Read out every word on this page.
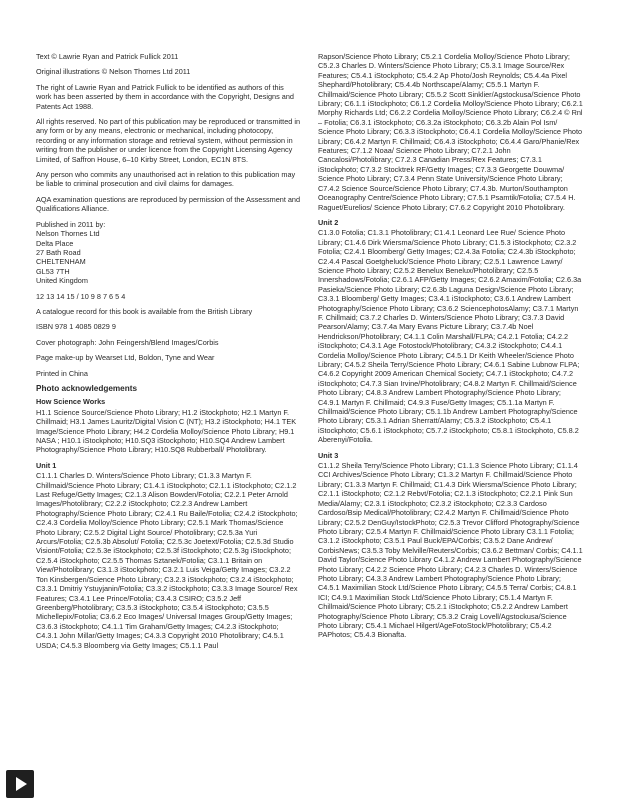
Text © Lawrie Ryan and Patrick Fullick 2011

Original illustrations © Nelson Thornes Ltd 2011

The right of Lawrie Ryan and Patrick Fullick to be identified as authors of this work has been asserted by them in accordance with the Copyright, Designs and Patents Act 1988.

All rights reserved. No part of this publication may be reproduced or transmitted in any form or by any means, electronic or mechanical, including photocopy, recording or any information storage and retrieval system, without permission in writing from the publisher or under licence from the Copyright Licensing Agency Limited, of Saffron House, 6–10 Kirby Street, London, EC1N 8TS.

Any person who commits any unauthorised act in relation to this publication may be liable to criminal prosecution and civil claims for damages.

AQA examination questions are reproduced by permission of the Assessment and Qualifications Alliance.

Published in 2011 by:
Nelson Thornes Ltd
Delta Place
27 Bath Road
CHELTENHAM
GL53 7TH
United Kingdom

12 13 14 15 / 10 9 8 7 6 5 4

A catalogue record for this book is available from the British Library

ISBN 978 1 4085 0829 9

Cover photograph: John Feingersh/Blend Images/Corbis

Page make-up by Wearset Ltd, Boldon, Tyne and Wear

Printed in China

Photo acknowledgements
How Science Works

H1.1 Science Source/Science Photo Library; H1.2 iStockphoto; H2.1 Martyn F. Chillmaid; H3.1 James Lauritz/Digital Vision C (NT); H3.2 iStockphoto; H4.1 TEK Image/Science Photo Library; H4.2 Cordelia Molloy/Science Photo Library; H9.1 NASA ; H10.1 iStockphoto; H10.SQ3 iStockphoto; H10.SQ4 Andrew Lambert Photography/Science Photo Library; H10.SQ8 Rubberball/ Photolibrary.

Unit 1

C1.1.1 Charles D. Winters/Science Photo Library; C1.3.3 Martyn F. Chillmaid/Science Photo Library; C1.4.1 iStockphoto; C2.1.1 iStockphoto; C2.1.2 Last Refuge/Getty Images; C2.1.3 Alison Bowden/Fotolia; C2.2.1 Peter Arnold Images/Photolibrary; C2.2.2 iStockphoto; C2.2.3 Andrew Lambert Photography/Science Photo Library; C2.4.1 Ru Baile/Fotolia; C2.4.2 iStockphoto; C2.4.3 Cordelia Molloy/Science Photo Library; C2.5.1 Mark Thomas/Science Photo Library; C2.5.2 Digital Light Source/ Photolibrary; C2.5.3a Yuri Arcurs/Fotolia; C2.5.3b Absolut/ Fotolia; C2.5.3c Joetext/Fotolia; C2.5.3d Studio Visiont/Fotolia; C2.5.3e iStockphoto; C2.5.3f iStockphoto; C2.5.3g iStockphoto; C2.5.4 iStockphoto; C2.5.5 Thomas Sztanek/Fotolia; C3.1.1 Britain on View/Photolibrary; C3.1.3 iStockphoto; C3.2.1 Luis Veiga/Getty Images; C3.2.2 Ton Kinsbergen/Science Photo Library; C3.2.3 iStockphoto; C3.2.4 iStockphoto; C3.3.1 Dmitriy Ystuyjanin/Fotolia; C3.3.2 iStockphoto; C3.3.3 Image Source/ Rex Features; C3.4.1 Lee Prince/Fotolia; C3.4.3 CSIRO; C3.5.2 Jeff Greenberg/Photolibrary; C3.5.3 iStockphoto; C3.5.4 iStockphoto; C3.5.5 Michellepix/Fotolia; C3.6.2 Eco Images/ Universal Images Group/Getty Images; C3.6.3 iStockphoto; C4.1.1 Tim Graham/Getty Images; C4.2.3 iStockphoto; C4.3.1 John Millar/Getty Images; C4.3.3 Copyright 2010 Photolibrary; C4.5.1 USDA; C4.5.3 Bloomberg via Getty Images; C5.1.1 Paul

Rapson/Science Photo Library; C5.2.1 Cordelia Molloy/Science Photo Library; C5.2.3 Charles D. Winters/Science Photo Library; C5.3.1 Image Source/Rex Features; C5.4.1 iStockphoto; C5.4.2 Ap Photo/Josh Reynolds; C5.4.4a Pixel Shephard/Photolibrary; C5.4.4b Northscape/Alamy; C5.5.1 Martyn F. Chillmaid/Science Photo Library; C5.5.2 Scott Sinklier/Agstockusa/Science Photo Library; C6.1.1 iStockphoto; C6.1.2 Cordelia Molloy/Science Photo Library; C6.2.1 Morphy Richards Ltd; C6.2.2 Cordelia Molloy/Science Photo Library; C6.2.4 © Rnl – Fotolia; C6.3.1 iStockphoto; C6.3.2a iStockphoto; C6.3.2b Alain Pol Ism/ Science Photo Library; C6.3.3 iStockphoto; C6.4.1 Cordelia Molloy/Science Photo Library; C6.4.2 Martyn F. Chillmaid; C6.4.3 iStockphoto; C6.4.4 Garo/Phanie/Rex Features; C7.1.2 Noaa/ Science Photo Library; C7.2.1 John Cancalosi/Photolibrary; C7.2.3 Canadian Press/Rex Features; C7.3.1 iStockphoto; C7.3.2 Stocktrek RF/Getty Images; C7.3.3 Georgette Douwma/ Science Photo Library; C7.3.4 Penn State University/Science Photo Library; C7.4.2 Science Source/Science Photo Library; C7.4.3b. Murton/Southampton Oceanography Centre/Science Photo Library; C7.5.1 Psamtik/Fotolia; C7.5.4 H. Raguet/Eurelios/ Science Photo Library; C7.6.2 Copyright 2010 Photolibrary.

Unit 2

C1.3.0 Fotolia; C1.3.1 Photolibrary; C1.4.1 Leonard Lee Rue/ Science Photo Library; C1.4.6 Dirk Wiersma/Science Photo Library; C1.5.3 iStockphoto; C2.3.2 Fotolia; C2.4.1 Bloomberg/ Getty Images; C2.4.3a Fotolia; C2.4.3b iStockphoto; C2.4.4 Pascal Goetgheluck/Science Photo Library; C2.5.1 Lawrence Lawry/ Science Photo Library; C2.5.2 Benelux Benelux/Photolibrary; C2.5.5 Innershadows/Fotolia; C2.6.1 AFP/Getty Images; C2.6.2 Amaxim/Fotolia; C2.6.3a Pasieka/Science Photo Library; C2.6.3b Laguna Design/Science Photo Library; C3.3.1 Bloomberg/ Getty Images; C3.4.1 iStockphoto; C3.6.1 Andrew Lambert Photography/Science Photo Library; C3.6.2 SciencephotosAlamy; C3.7.1 Martyn F. Chillmaid; C3.7.2 Charles D. Winters/Science Photo Library; C3.7.3 David Pearson/Alamy; C3.7.4a Mary Evans Picture Library; C3.7.4b Noel Hendrickson/Photolibrary; C4.1.1 Colin Marshall/FLPA; C4.2.1 Fotolia; C4.2.2 iStockphoto; C4.3.1 Age Fotostock/Photolibrary; C4.3.2 iStockphoto; C4.4.1 Cordelia Molloy/Science Photo Library; C4.5.1 Dr Keith Wheeler/Science Photo Library; C4.5.2 Sheila Terry/Science Photo Library; C4.6.1 Sabine Lubnow FLPA; C4.6.2 Copyright 2009 American Chemical Society; C4.7.1 iStockphoto; C4.7.2 iStockphoto; C4.7.3 Sian Irvine/Photolibrary; C4.8.2 Martyn F. Chillmaid/Science Photo Library; C4.8.3 Andrew Lambert Photography/Science Photo Library; C4.9.1 Martyn F. Chillmaid; C4.9.3 Fuse/Getty Images; C5.1.1a Martyn F. Chillmaid/Science Photo Library; C5.1.1b Andrew Lambert Photography/Science Photo Library; C5.3.1 Adrian Sherratt/Alamy; C5.3.2 iStockphoto; C5.4.1 iStockphoto; C5.6.1 iStockphoto; C5.7.2 iStockphoto; C5.8.1 iStockphoto, C5.8.2 Aberenyi/Fotolia.

Unit 3

C1.1.2 Sheila Terry/Science Photo Library; C1.1.3 Science Photo Library; C1.1.4 CCI Archives/Science Photo Library; C1.3.2 Martyn F. Chillmaid/Science Photo Library; C1.3.3 Martyn F. Chillmaid; C1.4.3 Dirk Wiersma/Science Photo Library; C2.1.1 iStockphoto; C2.1.2 Rebvt/Fotolia; C2.1.3 iStockphoto; C2.2.1 Pink Sun Media/Alamy; C2.3.1 iStockphoto; C2.3.2 iStockphoto; C2.3.3 Cardoso Cardoso/Bsip Medical/Photolibrary; C2.4.2 Martyn F. Chillmaid/Science Photo Library; C2.5.2 DenGuy/IstockPhoto; C2.5.3 Trevor Clifford Photography/Science Photo Library; C2.5.4 Martyn F. Chillmaid/Science Photo Library C3.1.1 Fotolia; C3.1.2 iStockphoto; C3.5.1 Paul Buck/EPA/Corbis; C3.5.2 Dane Andrew/ CorbisNews; C3.5.3 Toby Melville/Reuters/Corbis; C3.6.2 Bettman/ Corbis; C4.1.1 David Taylor/Science Photo Library C4.1.2 Andrew Lambert Photography/Science Photo Library; C4.2.2 Science Photo Library; C4.2.3 Charles D. Winters/Science Photo Library; C4.3.3 Andrew Lambert Photography/Science Photo Library; C4.5.1 Maximilian Stock Ltd/Science Photo Library; C4.5.5 Terra/ Corbis; C4.8.1 ICI; C4.9.1 Maximilian Stock Ltd/Science Photo Library; C5.1.4 Martyn F. Chillmaid/Science Photo Library; C5.2.1 iStockphoto; C5.2.2 Andrew Lambert Photography/Science Photo Library; C5.3.2 Craig Lovell/Agstockusa/Science Photo Library; C5.4.1 Michael Hilgert/AgeFotoStock/Photolibrary; C5.4.2 PAPhotos; C5.4.3 Bionafta.
